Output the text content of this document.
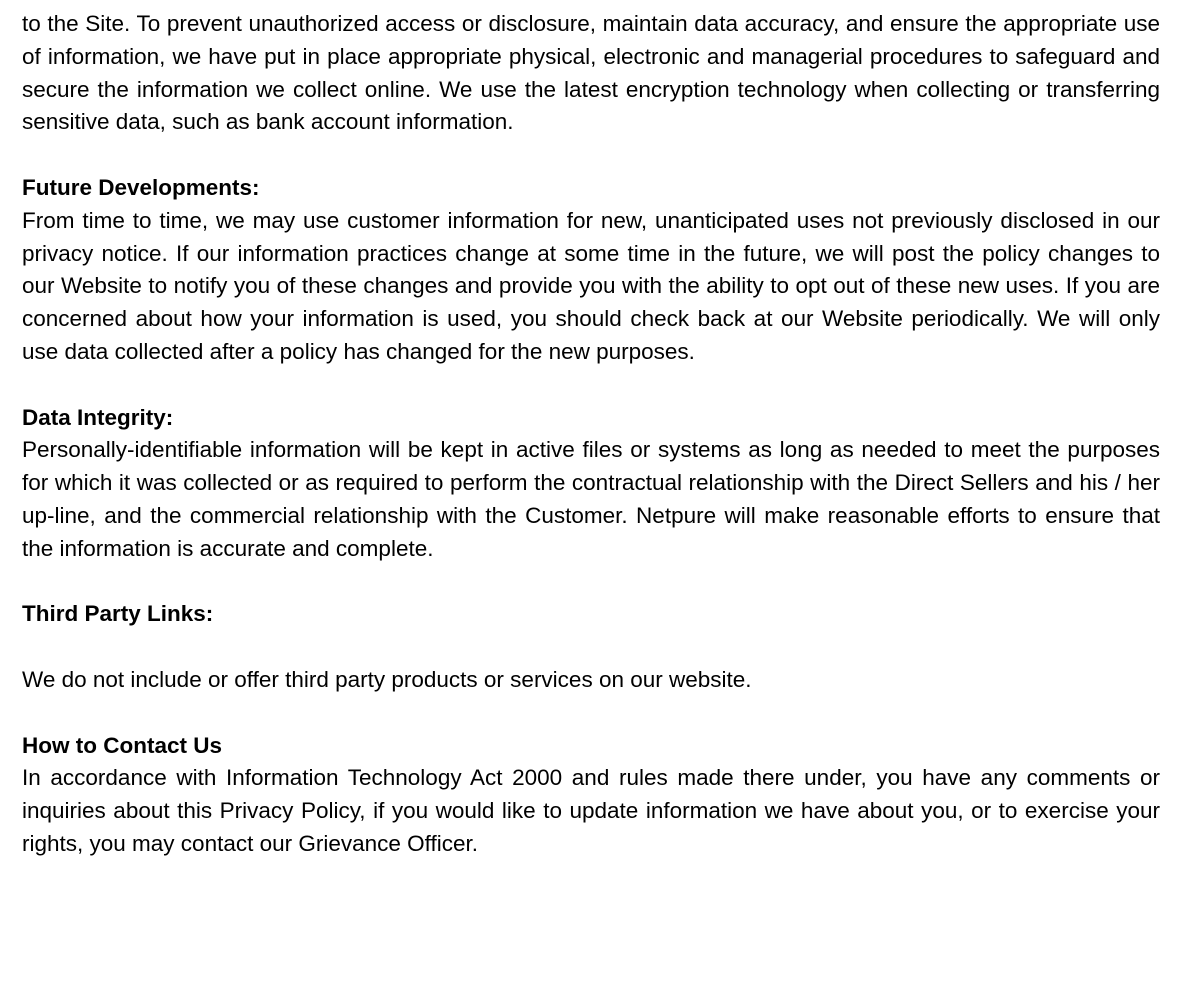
to the Site. To prevent unauthorized access or disclosure, maintain data accuracy, and ensure the appropriate use of information, we have put in place appropriate physical, electronic and managerial procedures to safeguard and secure the information we collect online. We use the latest encryption technology when collecting or transferring sensitive data, such as bank account information.

Future Developments:

From time to time, we may use customer information for new, unanticipated uses not previously disclosed in our privacy notice. If our information practices change at some time in the future, we will post the policy changes to our Website to notify you of these changes and provide you with the ability to opt out of these new uses. If you are concerned about how your information is used, you should check back at our Website periodically. We will only use data collected after a policy has changed for the new purposes.

Data Integrity:

Personally-identifiable information will be kept in active files or systems as long as needed to meet the purposes for which it was collected or as required to perform the contractual relationship with the Direct Sellers and his / her up-line, and the commercial relationship with the Customer. Netpure will make reasonable efforts to ensure that the information is accurate and complete.

Third Party Links:

We do not include or offer third party products or services on our website.

How to Contact Us

In accordance with Information Technology Act 2000 and rules made there under, you have any comments or inquiries about this Privacy Policy, if you would like to update information we have about you, or to exercise your rights, you may contact our Grievance Officer.
